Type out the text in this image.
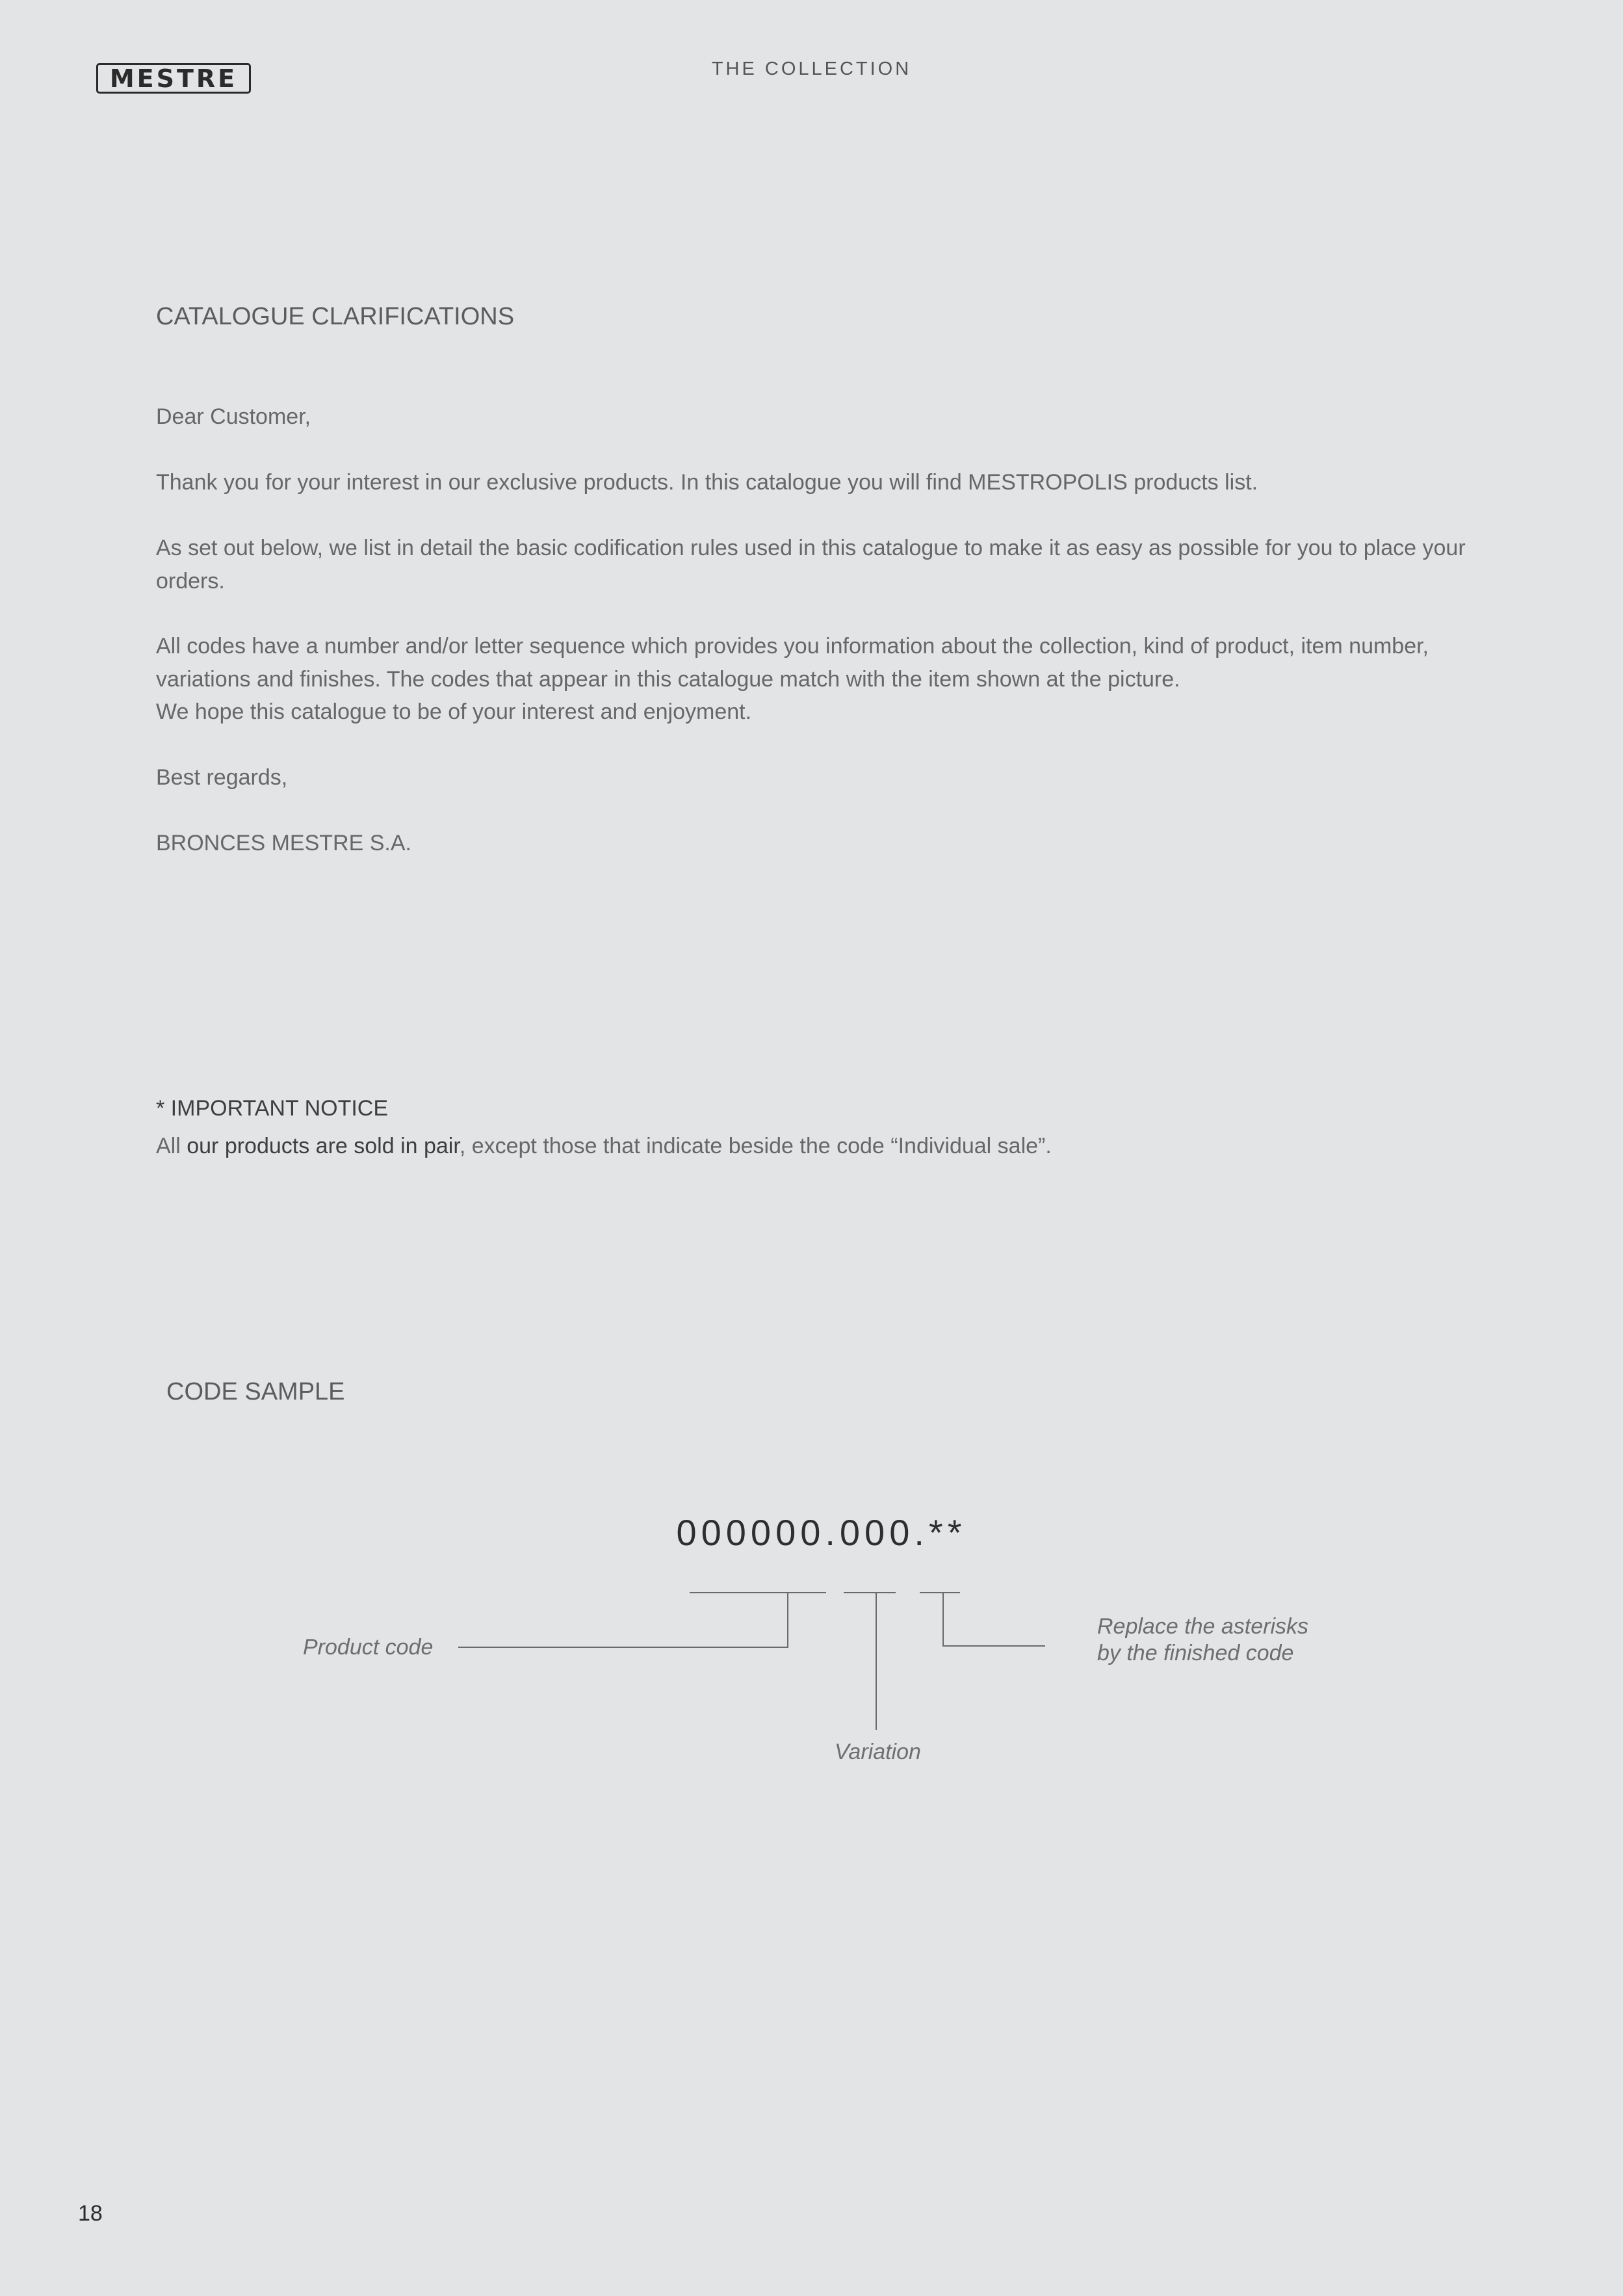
MESTRE	THE COLLECTION
CATALOGUE CLARIFICATIONS
Dear Customer,
Thank you for your interest in our exclusive products. In this catalogue you will find MESTROPOLIS products list.
As set out below, we list in detail the basic codification rules used in this catalogue to make it as easy as possible for you to place your orders.
All codes have a number and/or letter sequence which provides you information about the collection, kind of product, item number, variations and finishes. The codes that appear in this catalogue match with the item shown at the picture.
We hope this catalogue to be of your interest and enjoyment.
Best regards,
BRONCES MESTRE S.A.
* IMPORTANT NOTICE
All our products are sold in pair, except those that indicate beside the code “Individual sale”.
CODE SAMPLE
000000.000.**
Product code
Variation
Replace the asterisks
by the finished code
18
